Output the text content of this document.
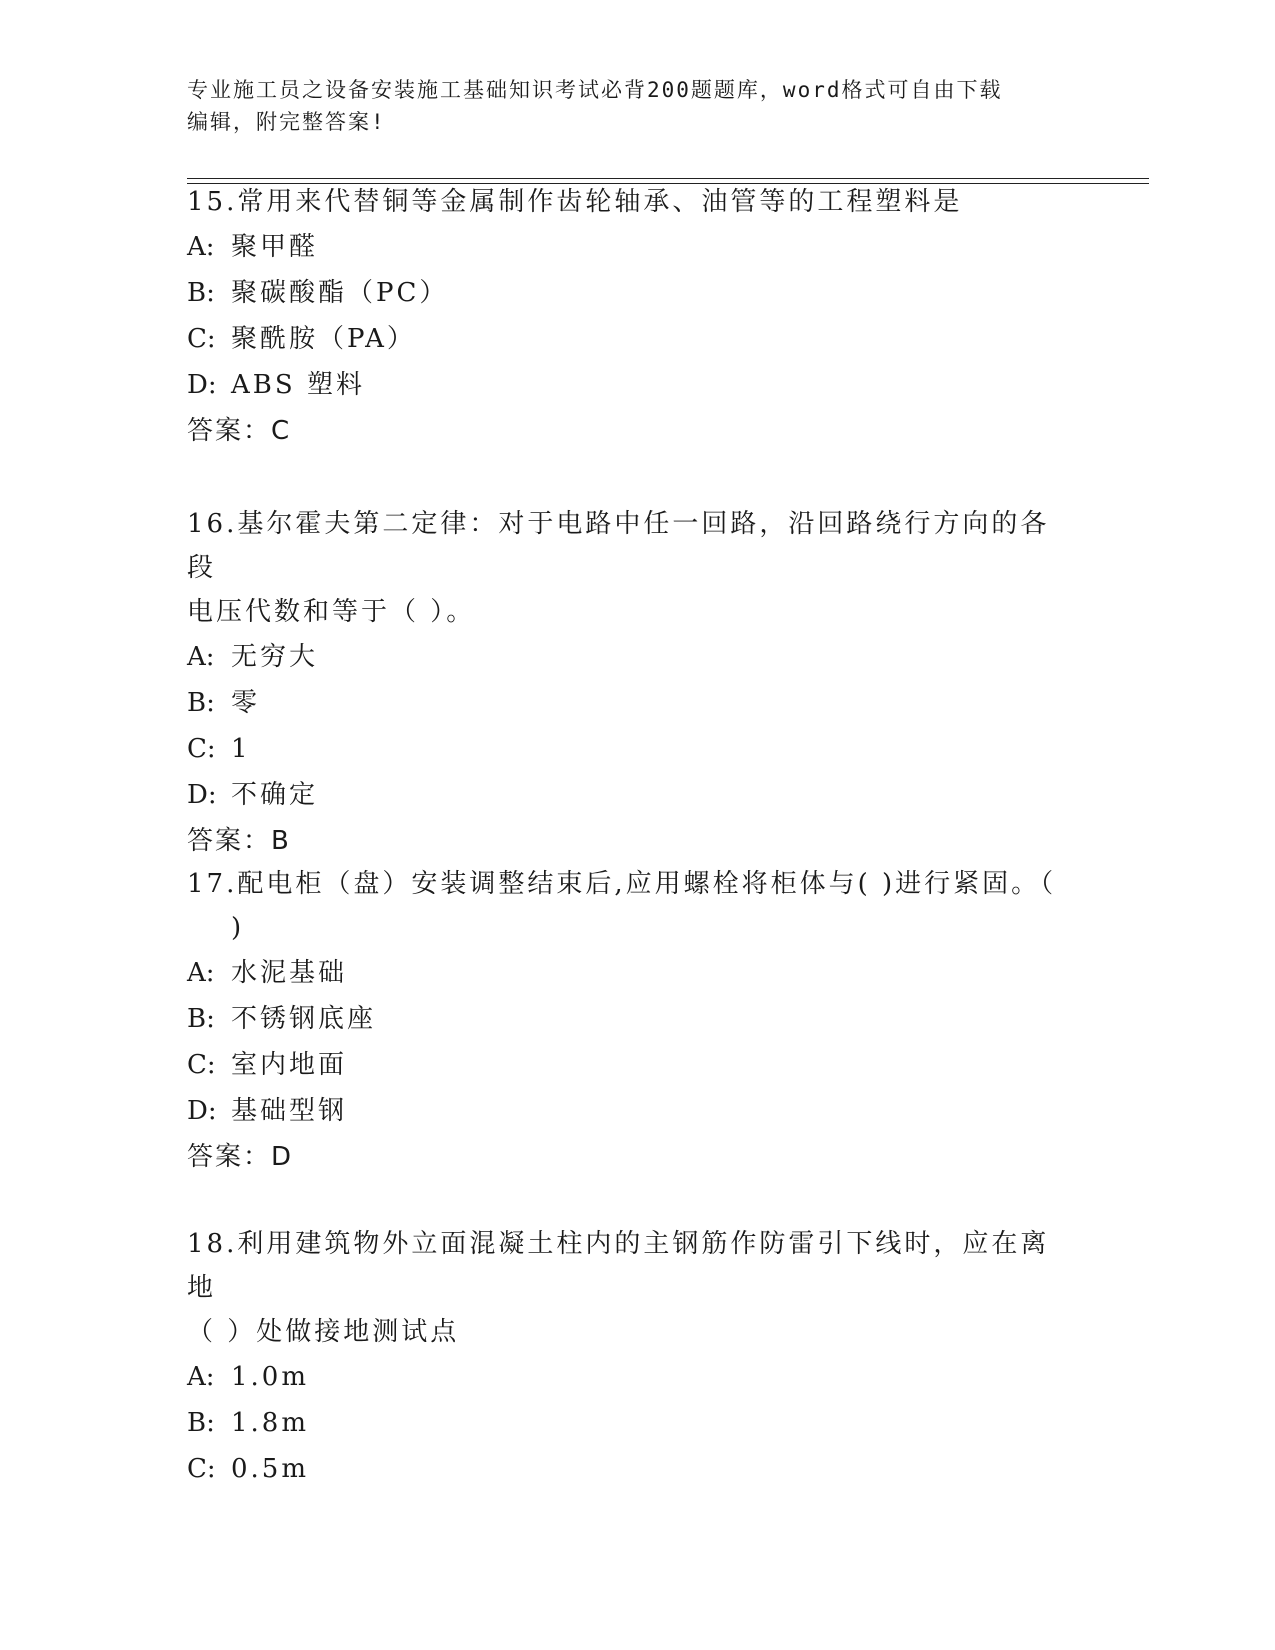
专业施工员之设备安装施工基础知识考试必背200题题库，word格式可自由下载
编辑，附完整答案!

15.常用来代替铜等金属制作齿轮轴承、油管等的工程塑料是

A: 聚甲醛

B: 聚碳酸酯（PC）

C: 聚酰胺（PA）

D: ABS 塑料

答案：C

16.基尔霍夫第二定律：对于电路中任一回路，沿回路绕行方向的各段

电压代数和等于（ ）。

A: 无穷大

B: 零

C: 1

D: 不确定

答案：B

17.配电柜（盘）安装调整结束后,应用螺栓将柜体与( )进行紧固。（

)

A: 水泥基础

B: 不锈钢底座

C: 室内地面

D: 基础型钢

答案：D

18.利用建筑物外立面混凝土柱内的主钢筋作防雷引下线时，应在离地

（ ）处做接地测试点

A: 1.0m

B: 1.8m

C: 0.5m
